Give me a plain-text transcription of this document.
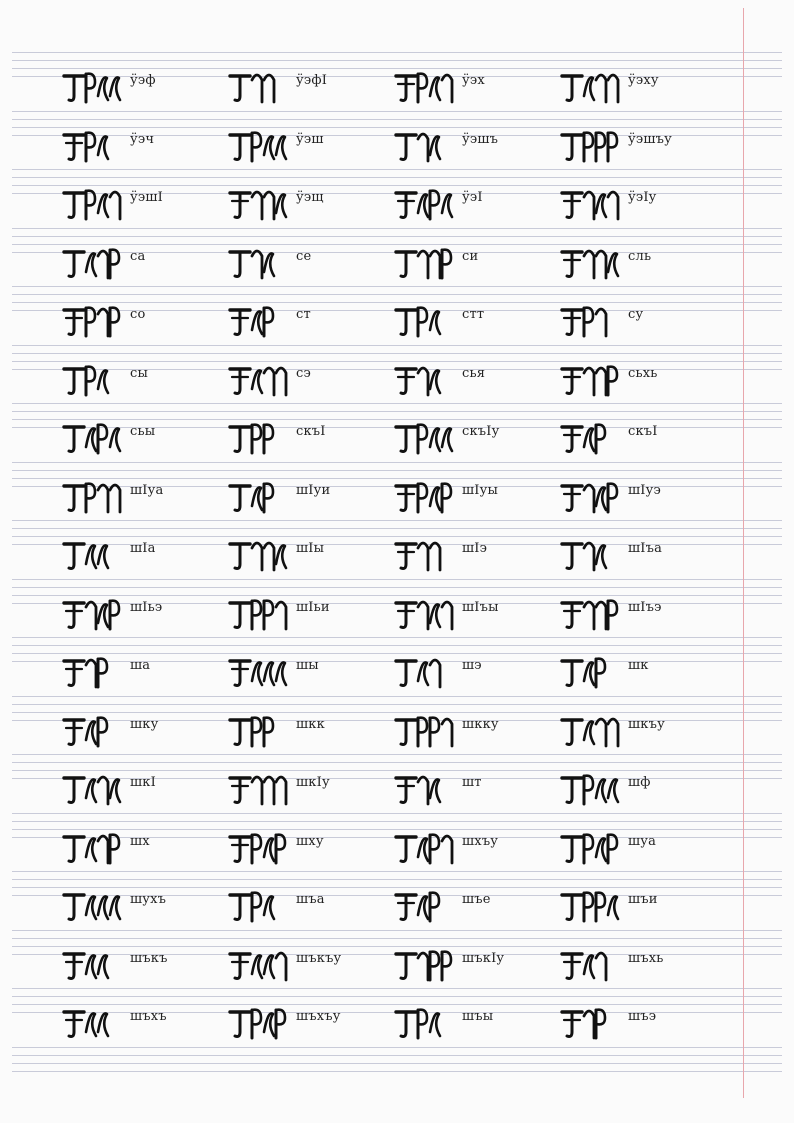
ӱэф	ӱэфI	ӱэх	ӱэху
ӱэч	ӱэш	ӱэшъ	ӱэшъу
ӱэшI	ӱэщ	ӱэI	ӱэIу
са	се	си	сль
со	ст	стт	су
сы	сэ	сья	сьхь
сьы	скъI	скъIу	скъI
шIуа	шIуи	шIуы	шIуэ
шIа	шIы	шIэ	шIъа
шIьэ	шIьи	шIъы	шIъэ
ша	шы	шэ	шк
шку	шкк	шкку	шкъу
шкI	шкIу	шт	шф
шх	шху	шхъу	шуа
шухъ	шъа	шъе	шъи
шъкъ	шъкъу	шъкIу	шъхь
шъхъ	шъхъу	шъы	шъэ
